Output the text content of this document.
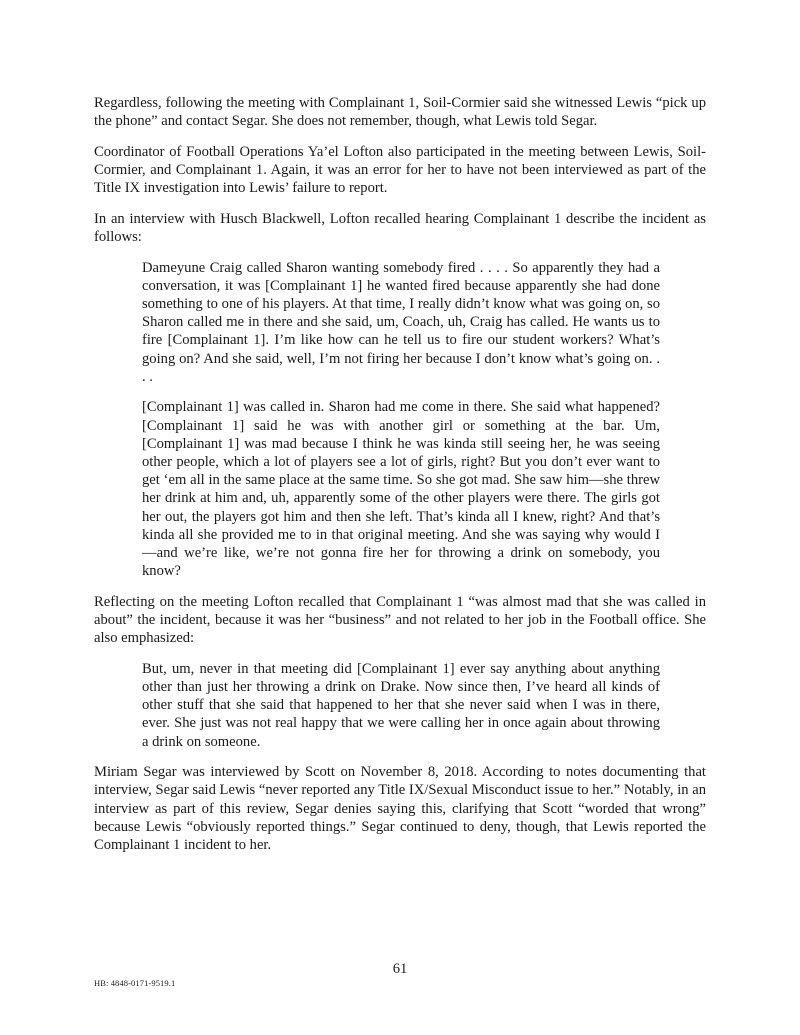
Regardless, following the meeting with Complainant 1, Soil-Cormier said she witnessed Lewis “pick up the phone” and contact Segar. She does not remember, though, what Lewis told Segar.

Coordinator of Football Operations Ya’el Lofton also participated in the meeting between Lewis, Soil-Cormier, and Complainant 1. Again, it was an error for her to have not been interviewed as part of the Title IX investigation into Lewis’ failure to report.

In an interview with Husch Blackwell, Lofton recalled hearing Complainant 1 describe the incident as follows:

Dameyune Craig called Sharon wanting somebody fired . . . . So apparently they had a conversation, it was [Complainant 1] he wanted fired because apparently she had done something to one of his players. At that time, I really didn’t know what was going on, so Sharon called me in there and she said, um, Coach, uh, Craig has called. He wants us to fire [Complainant 1]. I’m like how can he tell us to fire our student workers? What’s going on? And she said, well, I’m not firing her because I don’t know what’s going on. . . .

[Complainant 1] was called in. Sharon had me come in there. She said what happened? [Complainant 1] said he was with another girl or something at the bar. Um, [Complainant 1] was mad because I think he was kinda still seeing her, he was seeing other people, which a lot of players see a lot of girls, right? But you don’t ever want to get ‘em all in the same place at the same time. So she got mad. She saw him—she threw her drink at him and, uh, apparently some of the other players were there. The girls got her out, the players got him and then she left. That’s kinda all I knew, right? And that’s kinda all she provided me to in that original meeting. And she was saying why would I—and we’re like, we’re not gonna fire her for throwing a drink on somebody, you know?

Reflecting on the meeting Lofton recalled that Complainant 1 “was almost mad that she was called in about” the incident, because it was her “business” and not related to her job in the Football office. She also emphasized:

But, um, never in that meeting did [Complainant 1] ever say anything about anything other than just her throwing a drink on Drake. Now since then, I’ve heard all kinds of other stuff that she said that happened to her that she never said when I was in there, ever. She just was not real happy that we were calling her in once again about throwing a drink on someone.

Miriam Segar was interviewed by Scott on November 8, 2018. According to notes documenting that interview, Segar said Lewis “never reported any Title IX/Sexual Misconduct issue to her.” Notably, in an interview as part of this review, Segar denies saying this, clarifying that Scott “worded that wrong” because Lewis “obviously reported things.” Segar continued to deny, though, that Lewis reported the Complainant 1 incident to her.

61
HB: 4848-0171-9519.1
